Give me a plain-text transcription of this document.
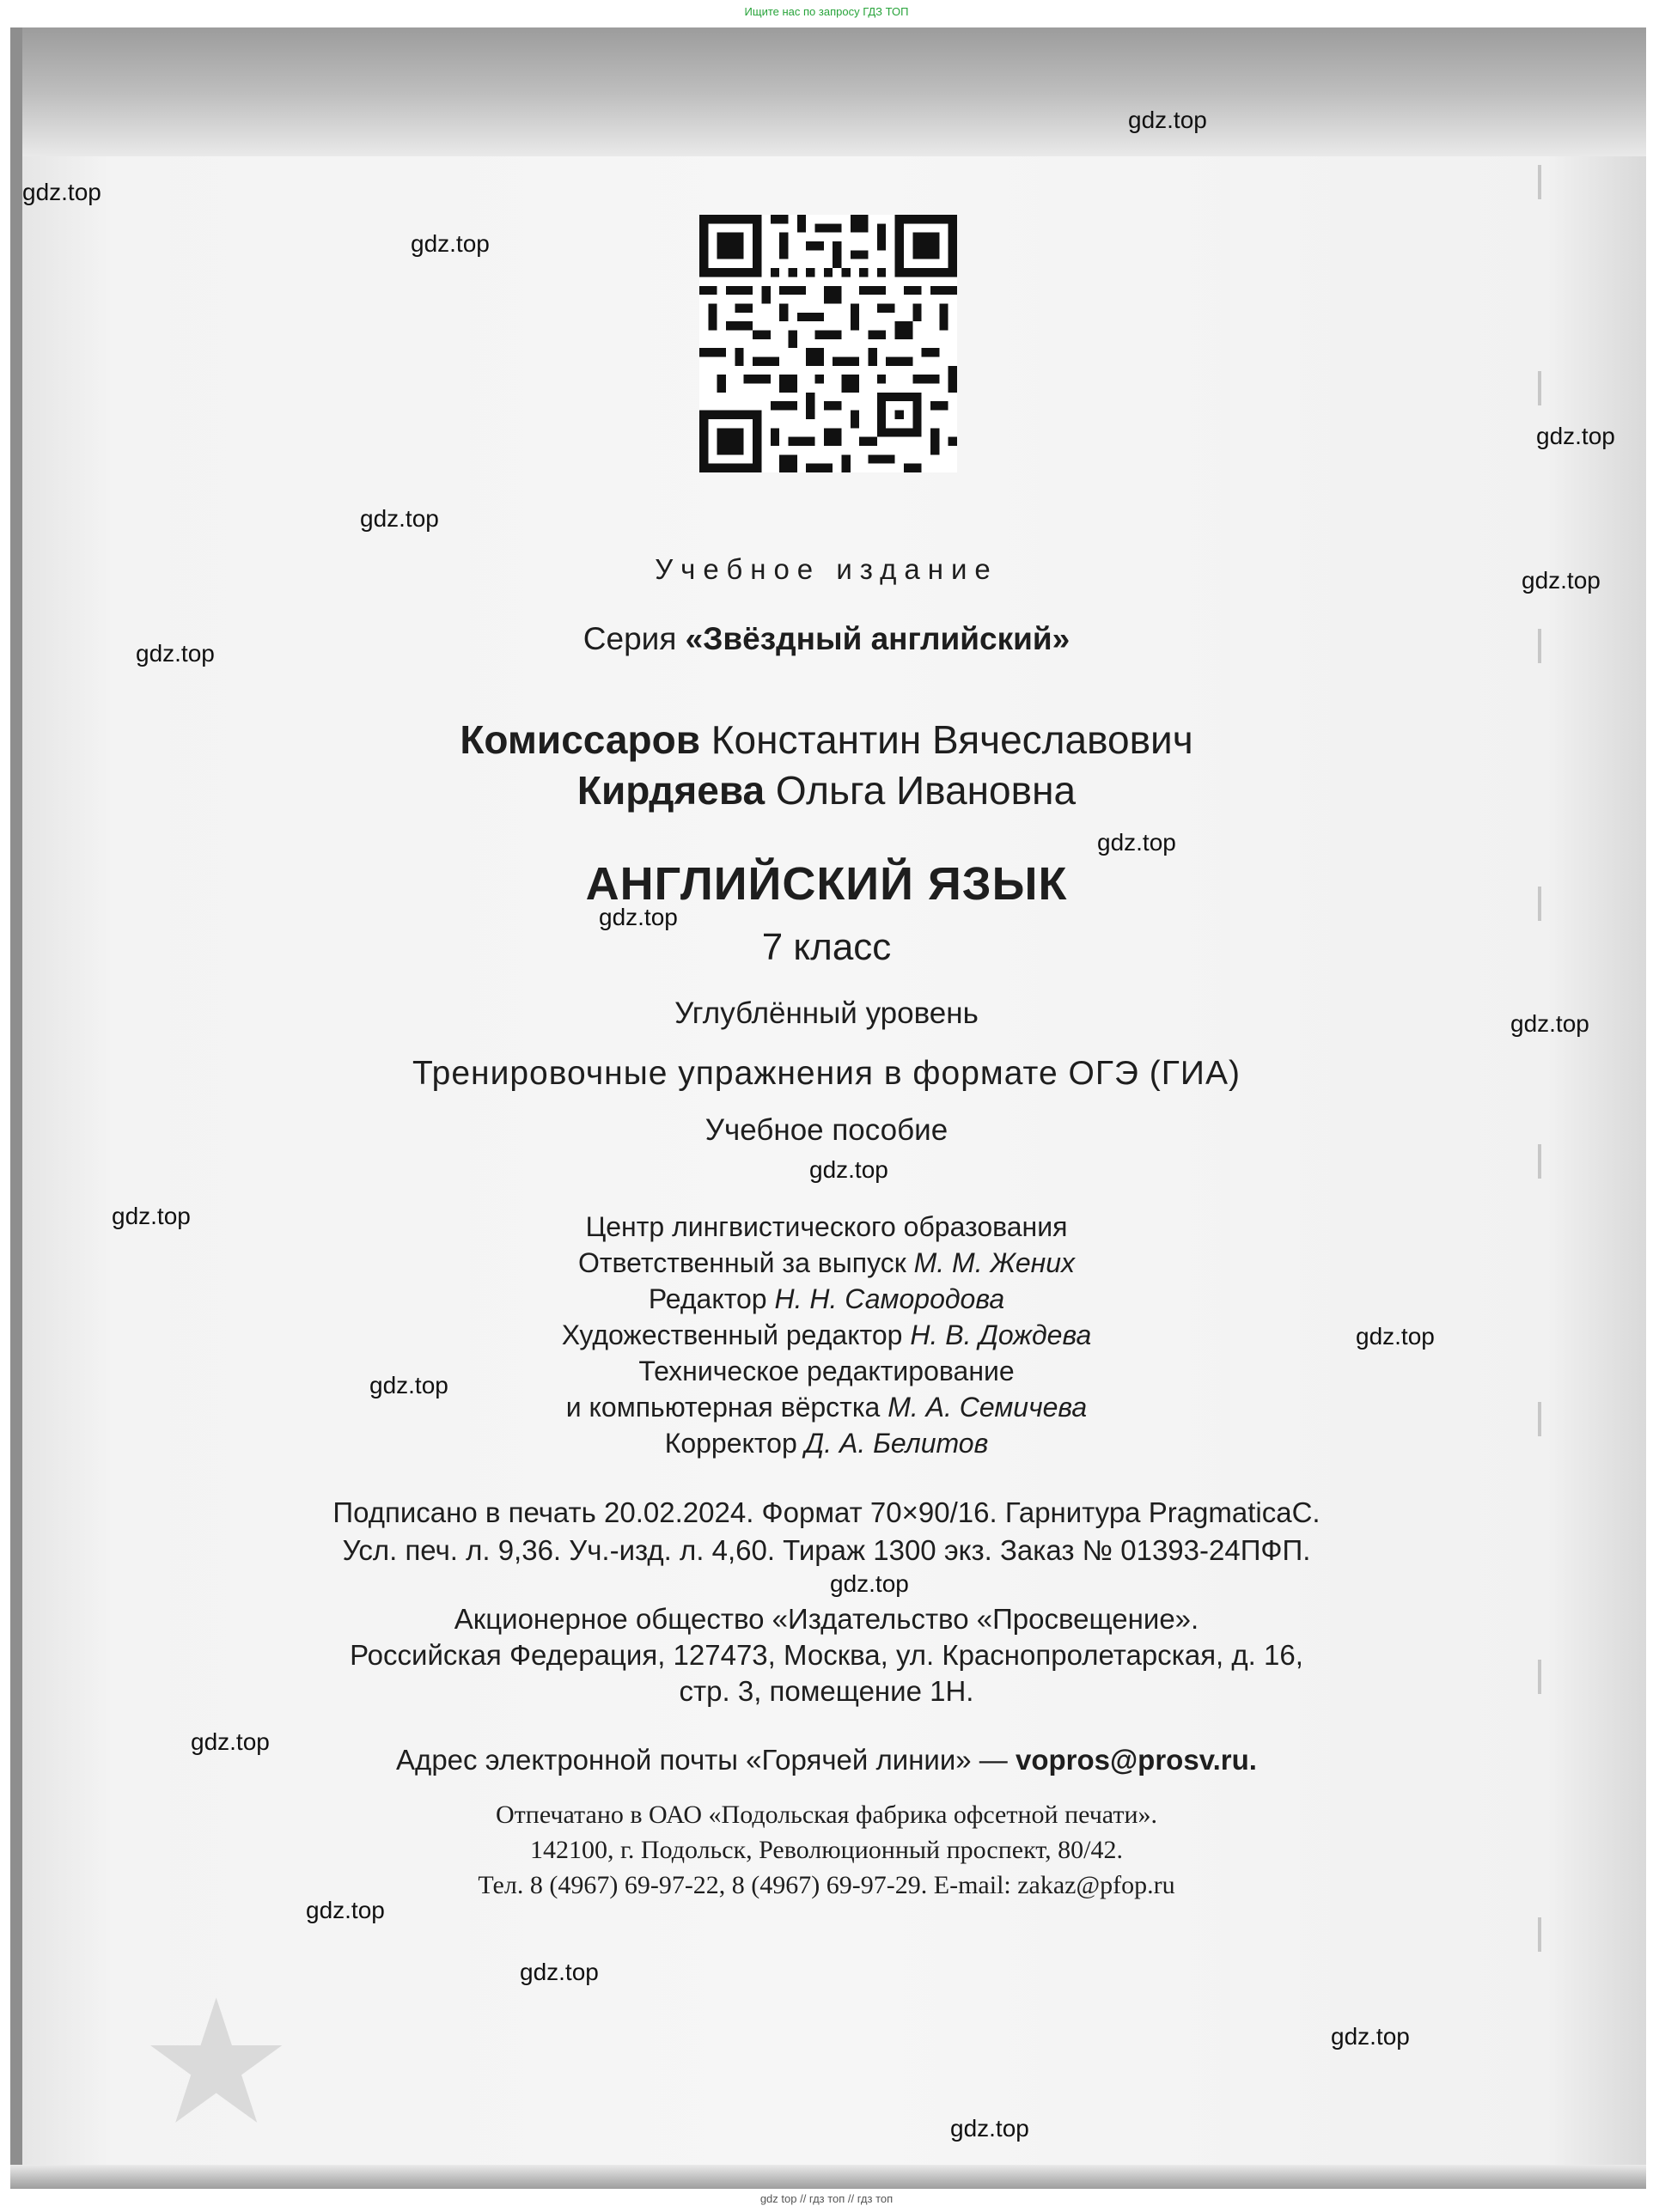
Ищите нас по запросу ГДЗ ТОП
★
Учебное издание
Серия «Звёздный английский»
Комиссаров Константин Вячеславович
Кирдяева Ольга Ивановна
АНГЛИЙСКИЙ ЯЗЫК
7 класс
Углублённый уровень
Тренировочные упражнения в формате ОГЭ (ГИА)
Учебное пособие
Центр лингвистического образования
Ответственный за выпуск М. М. Жених
Редактор Н. Н. Самородова
Художественный редактор Н. В. Дождева
Техническое редактирование
и компьютерная вёрстка М. А. Семичева
Корректор Д. А. Белитов
Подписано в печать 20.02.2024. Формат 70×90/16. Гарнитура PragmaticaC.
Усл. печ. л. 9,36. Уч.-изд. л. 4,60. Тираж 1300 экз. Заказ № 01393-24ПФП.
Акционерное общество «Издательство «Просвещение».
Российская Федерация, 127473, Москва, ул. Краснопролетарская, д. 16,
стр. 3, помещение 1Н.
Адрес электронной почты «Горячей линии» — vopros@prosv.ru.
Отпечатано в ОАО «Подольская фабрика офсетной печати».
142100, г. Подольск, Революционный проспект, 80/42.
Тел. 8 (4967) 69-97-22, 8 (4967) 69-97-29. E-mail: zakaz@pfop.ru
gdz.top
gdz.top
gdz.top
gdz.top
gdz.top
gdz.top
gdz.top
gdz.top
gdz.top
gdz.top
gdz.top
gdz.top
gdz.top
gdz.top
gdz.top
gdz.top
gdz.top
gdz.top
gdz.top
gdz.top
gdz top // гдз топ // гдз топ
